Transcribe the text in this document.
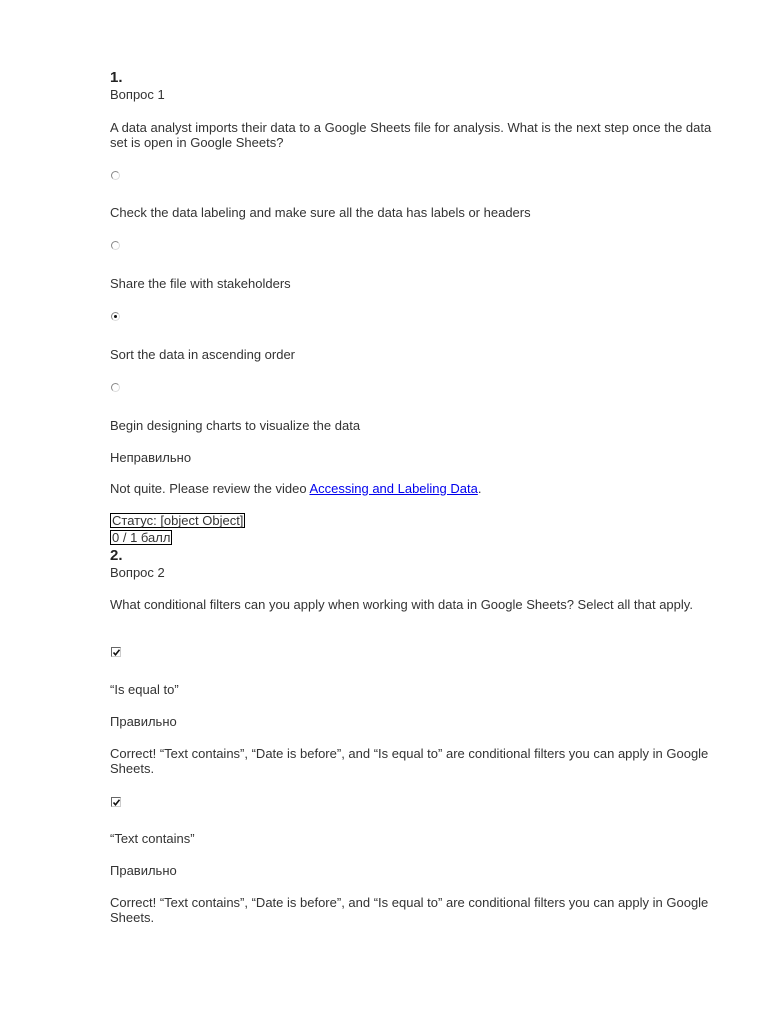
1.
Вопрос 1
A data analyst imports their data to a Google Sheets file for analysis. What is the next step once the data set is open in Google Sheets?
Check the data labeling and make sure all the data has labels or headers
Share the file with stakeholders
Sort the data in ascending order
Begin designing charts to visualize the data
Неправильно
Not quite. Please review the video Accessing and Labeling Data.
Статус: [object Object]
0 / 1 балл
2.
Вопрос 2
What conditional filters can you apply when working with data in Google Sheets? Select all that apply.
“Is equal to”
Правильно
Correct! “Text contains”, “Date is before”, and “Is equal to” are conditional filters you can apply in Google Sheets.
“Text contains”
Правильно
Correct! “Text contains”, “Date is before”, and “Is equal to” are conditional filters you can apply in Google Sheets.
